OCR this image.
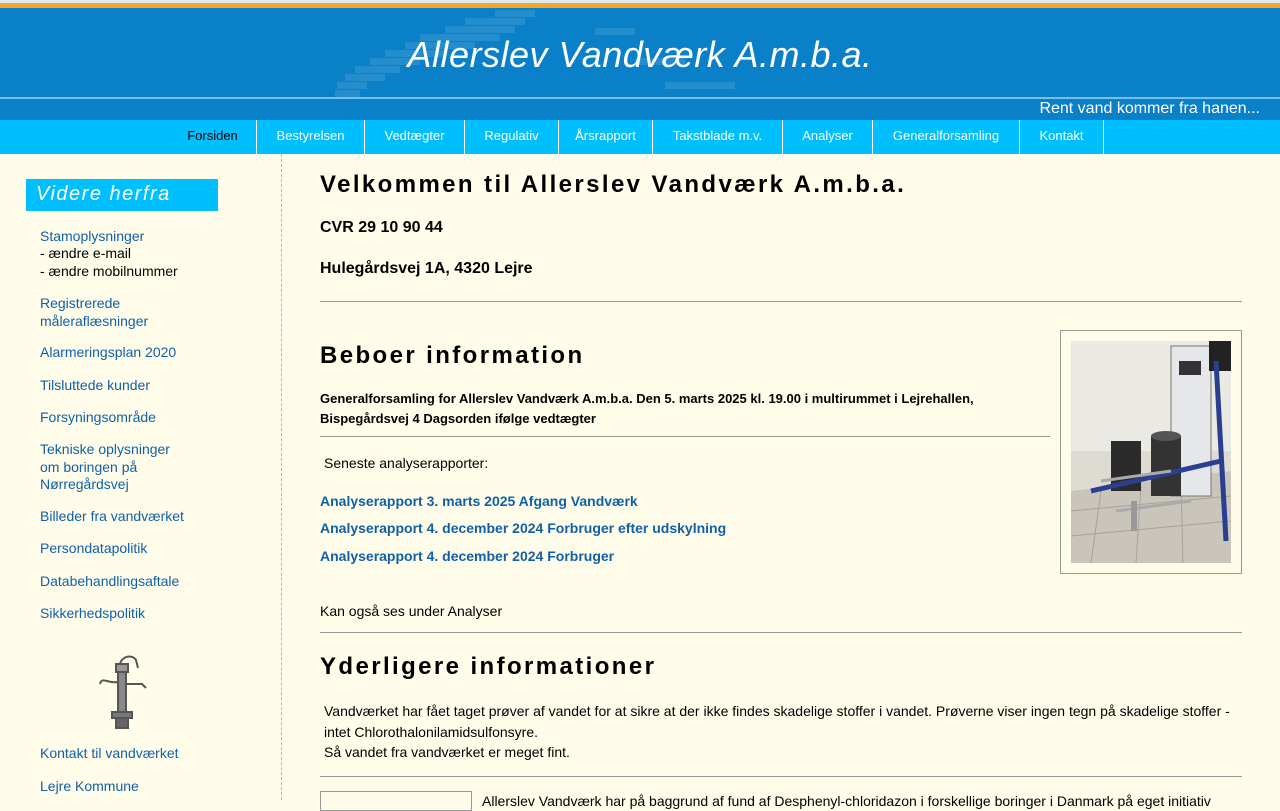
Allerslev Vandværk A.m.b.a.
Rent vand kommer fra hanen...
Forsiden	Bestyrelsen	Vedtægter	Regulativ	Årsrapport	Takstblade m.v.	Analyser	Generalforsamling	Kontakt
Videre herfra
Stamoplysninger
- ændre e-mail
- ændre mobilnummer
Registrerede måleraflæsninger
Alarmeringsplan 2020
Tilsluttede kunder
Forsyningsområde
Tekniske oplysninger om boringen på Nørregårdsvej
Billeder fra vandværket
Persondatapolitik
Databehandlingsaftale
Sikkerhedspolitik
Kontakt til vandværket
Lejre Kommune
Velkommen til Allerslev Vandværk A.m.b.a.
CVR 29 10 90 44
Hulegårdsvej 1A, 4320 Lejre
Beboer information
Generalforsamling for Allerslev Vandværk A.m.b.a. Den 5. marts 2025 kl. 19.00 i multirummet i Lejrehallen, Bispegårdsvej 4 Dagsorden ifølge vedtægter
Seneste analyserapporter:
Analyserapport 3. marts 2025 Afgang Vandværk
Analyserapport 4. december 2024 Forbruger efter udskylning
Analyserapport 4. december 2024 Forbruger
Kan også ses under Analyser
Yderligere informationer
Vandværket har fået taget prøver af vandet for at sikre at der ikke findes skadelige stoffer i vandet. Prøverne viser ingen tegn på skadelige stoffer - intet Chlorothalonilamidsulfonsyre.
Så vandet fra vandværket er meget fint.
Allerslev Vandværk har på baggrund af fund af Desphenyl-chloridazon i forskellige boringer i Danmark på eget initiativ
